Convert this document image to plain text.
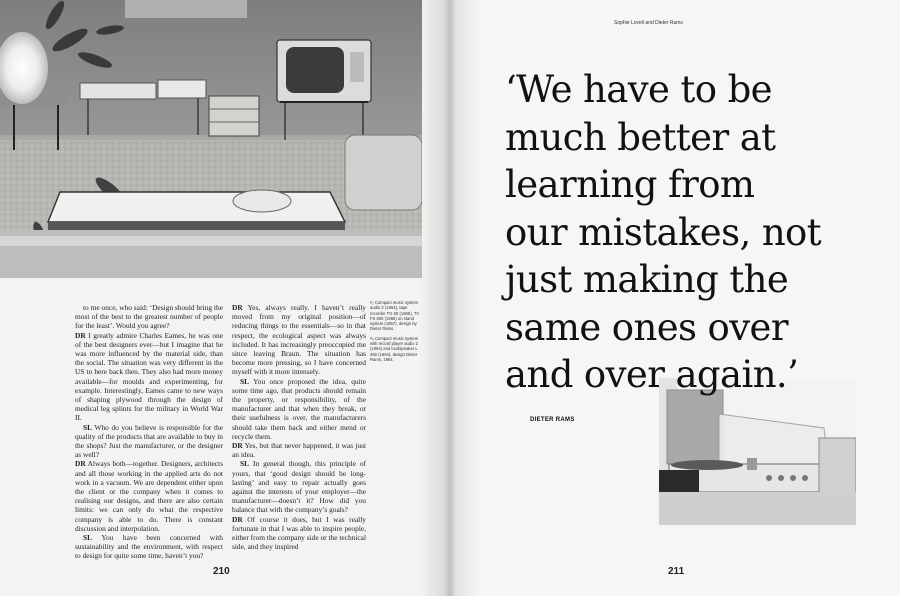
to me once, who said: ‘Design should bring the most of the best to the greatest number of people for the least’. Would you agree?

DR I greatly admire Charles Eames, he was one of the best designers ever—but I imagine that he was more influenced by the material side, than the social. The situation was very different in the US to here back then. They also had more money available—for moulds and experimenting, for example. Interestingly, Eames came to new ways of shaping plywood through the design of medical leg splints for the military in World War II.

SL Who do you believe is responsible for the quality of the products that are available to buy in the shops? Just the manufacturer, or the designer as well?

DR Always both—together. Designers, architects and all those working in the applied arts do not work in a vacuum. We are dependent either upon the client or the company when it comes to realising our designs, and there are also certain limits: we can only do what the respective company is able to do. There is constant discussion and interpolation.

SL You have been concerned with sustainability and the environment, with respect to design for quite some time, haven’t you?

DR Yes, always really. I haven’t really moved from my original position—of reducing things to the essentials—so in that respect, the ecological aspect was always included. It has increasingly preoccupied me since leaving Braun. The situation has become more pressing, so I have concerned myself with it more intensely.

SL You once proposed the idea, quite some time ago, that products should remain the property, or responsibility, of the manufacturer and that when they break, or their usefulness is over, the manufacturers should take them back and either mend or recycle them.

DR Yes, but that never happened, it was just an idea.

SL In general though, this principle of yours, that ‘good design should be long-lasting’ and easy to repair actually goes against the interests of your employer—the manufacturer—doesn’t it? How did you balance that with the company’s goals?

DR Of course it does, but I was really fortunate in that I was able to inspire people, either from the company side or the technical side, and they inspired

¹⁄₂ Compact music system audio 2 (1964), tape recorder TG 60 (1965), TV FS 600 (1958) on stand system (1957), design by Dieter Rams.

³⁄₄ Compact music system with record player audio 2 (1964) and loudspeaker L 450 (1964), design Dieter Rams, 1964.

210
Sophie Lovell and Dieter Rams
‘We have to be
much better at
learning from
our mistakes, not
just making the
same ones over
and over again.’
DIETER RAMS
211
